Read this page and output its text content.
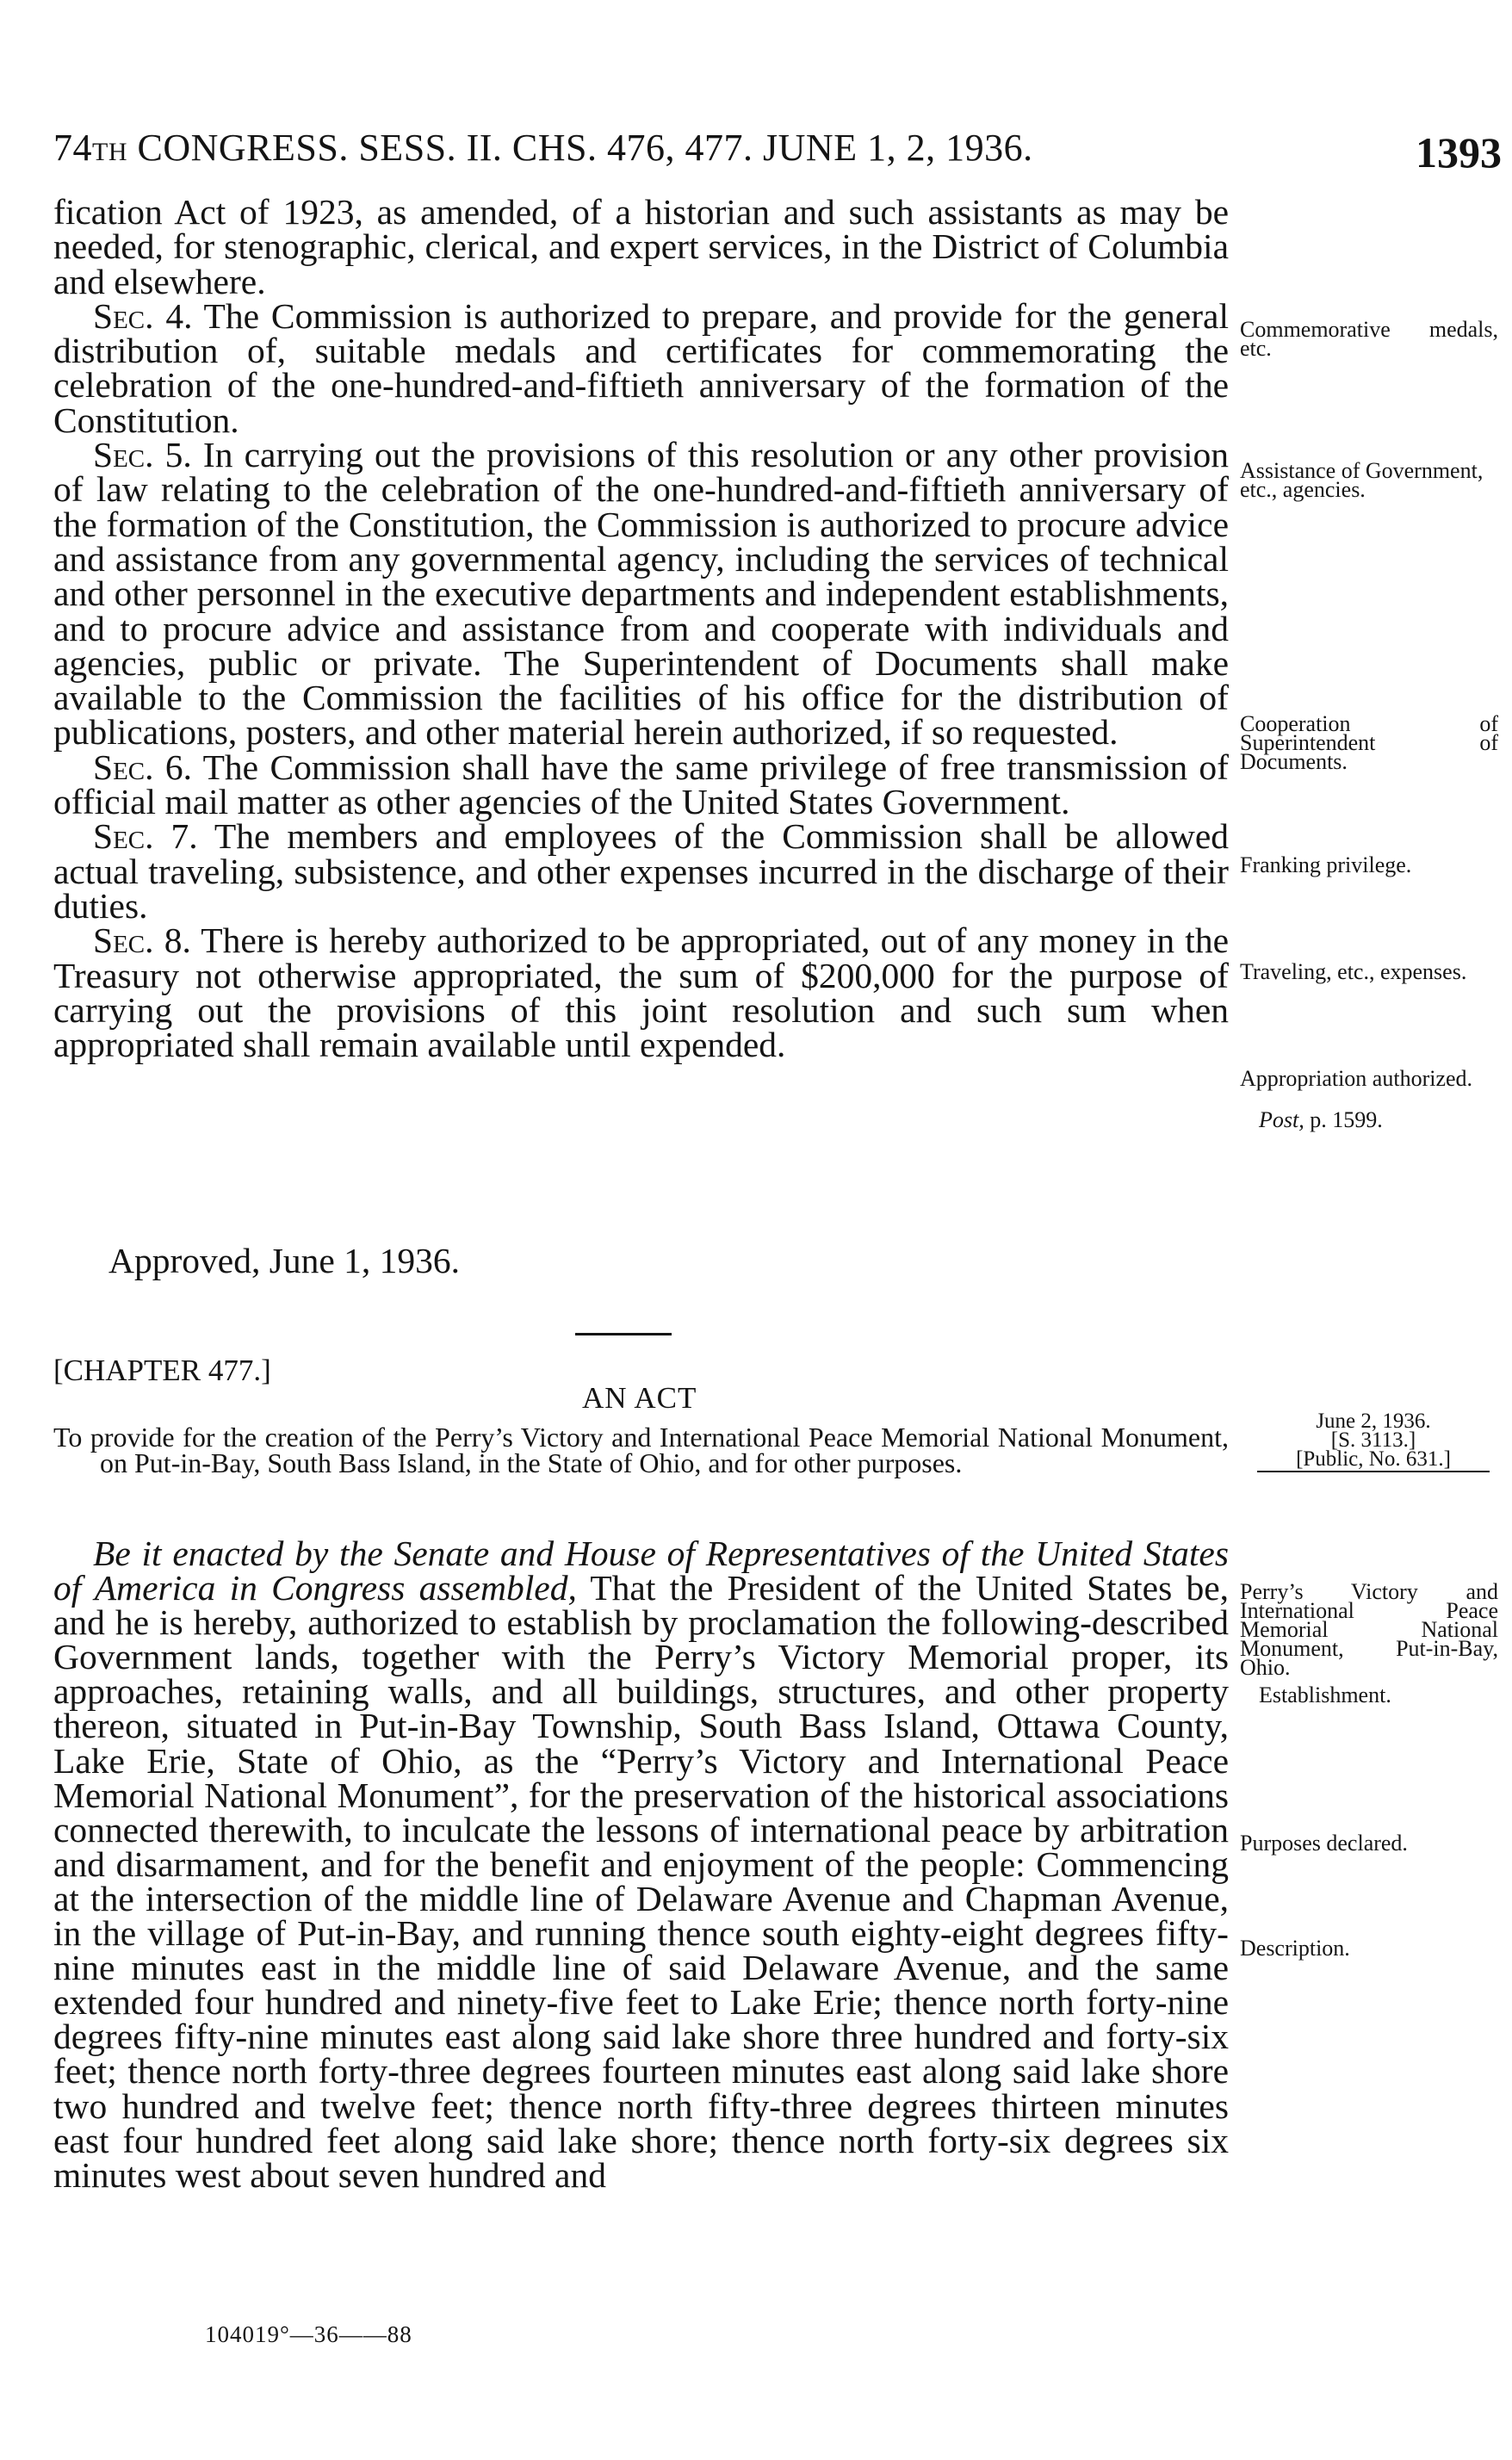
74TH CONGRESS. SESS. II. CHS. 476, 477. JUNE 1, 2, 1936.	1393

fication Act of 1923, as amended, of a historian and such assistants as may be needed, for stenographic, clerical, and expert services, in the District of Columbia and elsewhere.

Sec. 4. The Commission is authorized to prepare, and provide for the general distribution of, suitable medals and certificates for commemorating the celebration of the one-hundred-and-fiftieth anniversary of the formation of the Constitution.

Sec. 5. In carrying out the provisions of this resolution or any other provision of law relating to the celebration of the one-hundred-and-fiftieth anniversary of the formation of the Constitution, the Commission is authorized to procure advice and assistance from any governmental agency, including the services of technical and other personnel in the executive departments and independent establishments, and to procure advice and assistance from and cooperate with individuals and agencies, public or private. The Superintendent of Documents shall make available to the Commission the facilities of his office for the distribution of publications, posters, and other material herein authorized, if so requested.

Sec. 6. The Commission shall have the same privilege of free transmission of official mail matter as other agencies of the United States Government.

Sec. 7. The members and employees of the Commission shall be allowed actual traveling, subsistence, and other expenses incurred in the discharge of their duties.

Sec. 8. There is hereby authorized to be appropriated, out of any money in the Treasury not otherwise appropriated, the sum of $200,000 for the purpose of carrying out the provisions of this joint resolution and such sum when appropriated shall remain available until expended.

Approved, June 1, 1936.
[CHAPTER 477.]
AN ACT

To provide for the creation of the Perry’s Victory and International Peace Memorial National Monument, on Put-in-Bay, South Bass Island, in the State of Ohio, and for other purposes.

Be it enacted by the Senate and House of Representatives of the United States of America in Congress assembled, That the President of the United States be, and he is hereby, authorized to establish by proclamation the following-described Government lands, together with the Perry’s Victory Memorial proper, its approaches, retaining walls, and all buildings, structures, and other property thereon, situated in Put-in-Bay Township, South Bass Island, Ottawa County, Lake Erie, State of Ohio, as the “Perry’s Victory and International Peace Memorial National Monument”, for the preservation of the historical associations connected therewith, to inculcate the lessons of international peace by arbitration and disarmament, and for the benefit and enjoyment of the people: Commencing at the intersection of the middle line of Delaware Avenue and Chapman Avenue, in the village of Put-in-Bay, and running thence south eighty-eight degrees fifty-nine minutes east in the middle line of said Delaware Avenue, and the same extended four hundred and ninety-five feet to Lake Erie; thence north forty-nine degrees fifty-nine minutes east along said lake shore three hundred and forty-six feet; thence north forty-three degrees fourteen minutes east along said lake shore two hundred and twelve feet; thence north fifty-three degrees thirteen minutes east four hundred feet along said lake shore; thence north forty-six degrees six minutes west about seven hundred and

104019°—36——88
Commemorative medals, etc.
Assistance of Government, etc., agencies.
Cooperation of Superintendent of Documents.
Franking privilege.
Traveling, etc., expenses.
Appropriation authorized.
Post, p. 1599.
June 2, 1936.
[S. 3113.]
[Public, No. 631.]
Perry’s Victory and International Peace Memorial National Monument, Put-in-Bay, Ohio.
Establishment.
Purposes declared.
Description.
